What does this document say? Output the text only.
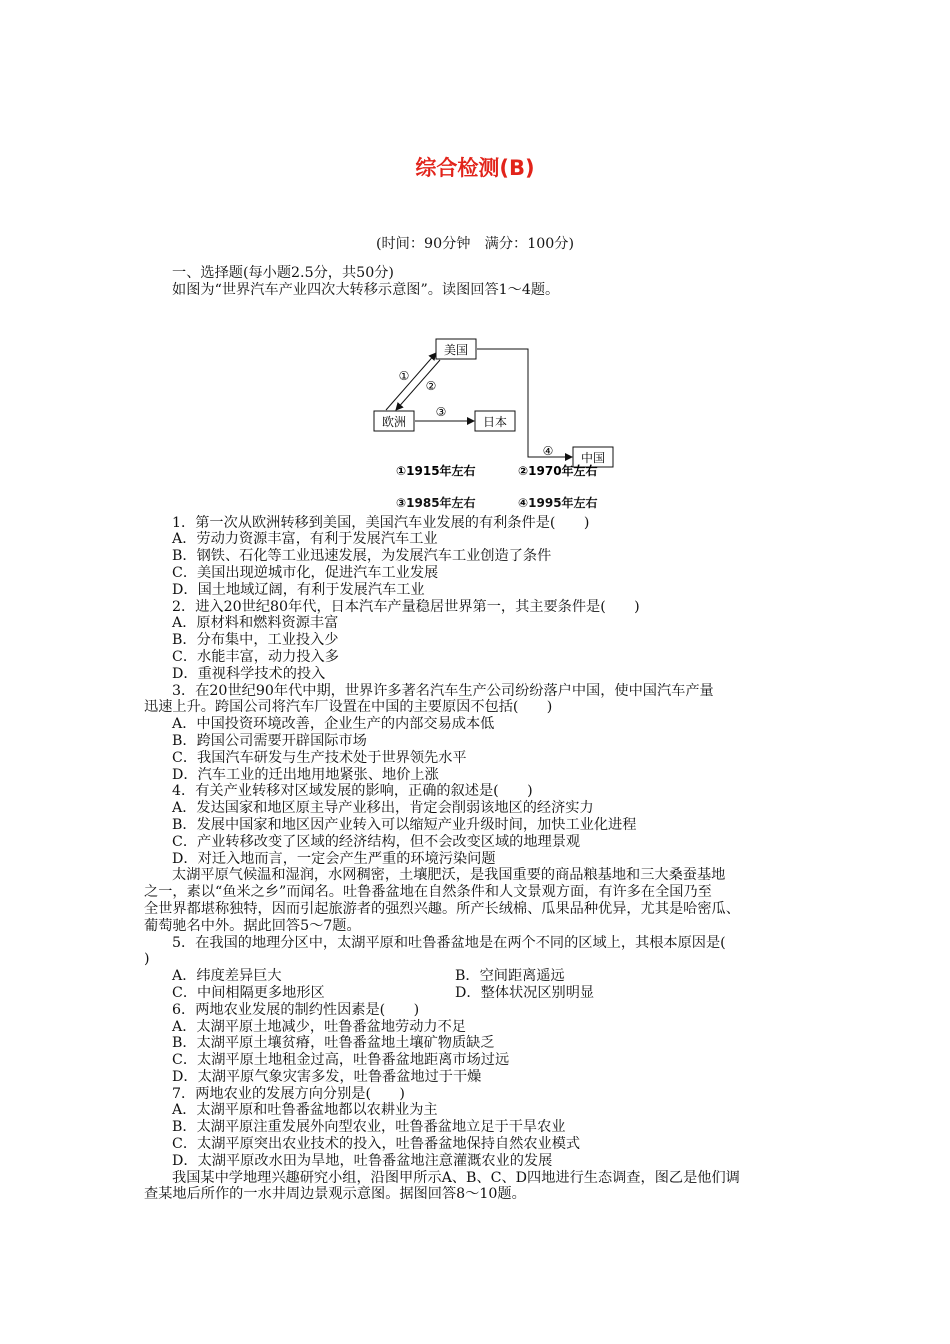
综合检测(B)
(时间：90分钟　满分：100分)
一、选择题(每小题2.5分，共50分)
如图为“世界汽车产业四次大转移示意图”。读图回答1～4题。
美国
欧洲	日本
中国
①
②
③
④
①1915年左右	②1970年左右

③1985年左右

	④1995年左右

1．第一次从欧洲转移到美国，美国汽车业发展的有利条件是(　　)
A．劳动力资源丰富，有利于发展汽车工业
B．钢铁、石化等工业迅速发展，为发展汽车工业创造了条件
C．美国出现逆城市化，促进汽车工业发展
D．国土地域辽阔，有利于发展汽车工业
2．进入20世纪80年代，日本汽车产量稳居世界第一，其主要条件是(　　)
A．原材料和燃料资源丰富
B．分布集中，工业投入少
C．水能丰富，动力投入多
D．重视科学技术的投入
3．在20世纪90年代中期，世界许多著名汽车生产公司纷纷落户中国，使中国汽车产量
迅速上升。跨国公司将汽车厂设置在中国的主要原因不包括(　　)
A．中国投资环境改善，企业生产的内部交易成本低
B．跨国公司需要开辟国际市场
C．我国汽车研发与生产技术处于世界领先水平
D．汽车工业的迁出地用地紧张、地价上涨
4．有关产业转移对区域发展的影响，正确的叙述是(　　)
A．发达国家和地区原主导产业移出，肯定会削弱该地区的经济实力
B．发展中国家和地区因产业转入可以缩短产业升级时间，加快工业化进程
C．产业转移改变了区域的经济结构，但不会改变区域的地理景观
D．对迁入地而言，一定会产生严重的环境污染问题
太湖平原气候温和湿润，水网稠密，土壤肥沃，是我国重要的商品粮基地和三大桑蚕基地
之一，素以“鱼米之乡”而闻名。吐鲁番盆地在自然条件和人文景观方面，有许多在全国乃至
全世界都堪称独特，因而引起旅游者的强烈兴趣。所产长绒棉、瓜果品种优异，尤其是哈密瓜、
葡萄驰名中外。据此回答5～7题。
5．在我国的地理分区中，太湖平原和吐鲁番盆地是在两个不同的区域上，其根本原因是(
)
A．纬度差异巨大	B．空间距离遥远
C．中间相隔更多地形区	D．整体状况区别明显
6．两地农业发展的制约性因素是(　　)
A．太湖平原土地减少，吐鲁番盆地劳动力不足
B．太湖平原土壤贫瘠，吐鲁番盆地土壤矿物质缺乏
C．太湖平原土地租金过高，吐鲁番盆地距离市场过远
D．太湖平原气象灾害多发，吐鲁番盆地过于干燥
7．两地农业的发展方向分别是(　　)
A．太湖平原和吐鲁番盆地都以农耕业为主
B．太湖平原注重发展外向型农业，吐鲁番盆地立足于干旱农业
C．太湖平原突出农业技术的投入，吐鲁番盆地保持自然农业模式
D．太湖平原改水田为旱地，吐鲁番盆地注意灌溉农业的发展
我国某中学地理兴趣研究小组，沿图甲所示A、B、C、D四地进行生态调查，图乙是他们调
查某地后所作的一水井周边景观示意图。据图回答8～10题。
